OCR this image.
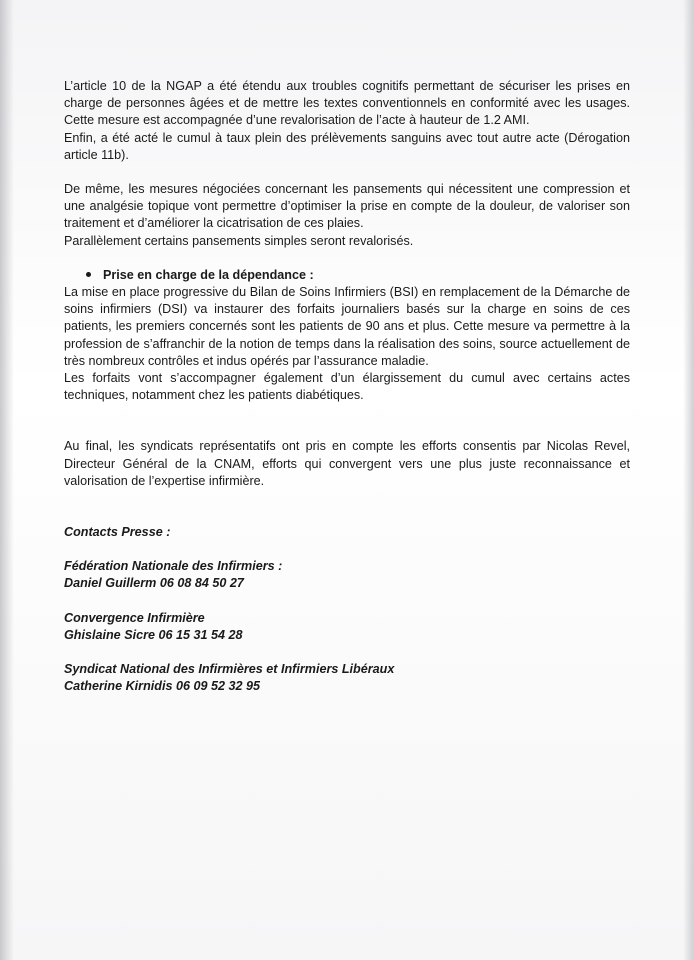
L’article 10 de la NGAP a été étendu aux troubles cognitifs permettant de sécuriser les prises en charge de personnes âgées et de mettre les textes conventionnels en conformité avec les usages. Cette mesure est accompagnée d’une revalorisation de l’acte à hauteur de 1.2 AMI.

Enfin, a été acté le cumul à taux plein des prélèvements sanguins avec tout autre acte (Dérogation article 11b).

De même, les mesures négociées concernant les pansements qui nécessitent une compression et une analgésie topique vont permettre d’optimiser la prise en compte de la douleur, de valoriser son traitement et d’améliorer la cicatrisation de ces plaies.

Parallèlement certains pansements simples seront revalorisés.

Prise en charge de la dépendance :

La mise en place progressive du Bilan de Soins Infirmiers (BSI) en remplacement de la Démarche de soins infirmiers (DSI) va instaurer des forfaits journaliers basés sur la charge en soins de ces patients, les premiers concernés sont les patients de 90 ans et plus. Cette mesure va permettre à la profession de s’affranchir de la notion de temps dans la réalisation des soins, source actuellement de très nombreux contrôles et indus opérés par l’assurance maladie.

Les forfaits vont s’accompagner également d’un élargissement du cumul avec certains actes techniques, notamment chez les patients diabétiques.

Au final, les syndicats représentatifs ont pris en compte les efforts consentis par Nicolas Revel, Directeur Général de la CNAM, efforts qui convergent vers une plus juste reconnaissance et valorisation de l’expertise infirmière.

Contacts Presse :

Fédération Nationale des Infirmiers :

Daniel Guillerm 06 08 84 50 27

Convergence Infirmière

Ghislaine Sicre 06 15 31 54 28

Syndicat National des Infirmières et Infirmiers Libéraux

Catherine Kirnidis 06 09 52 32 95
